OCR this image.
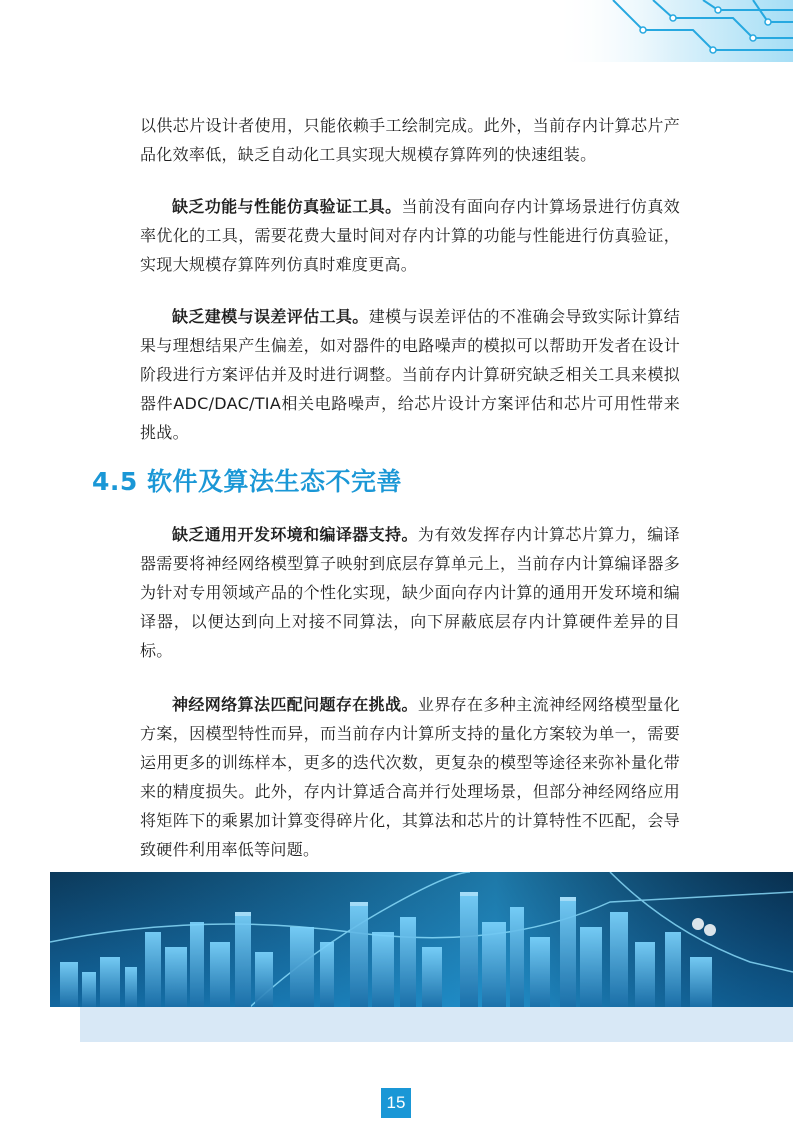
以供芯片设计者使用，只能依赖手工绘制完成。此外，当前存内计算芯片产品化效率低，缺乏自动化工具实现大规模存算阵列的快速组装。

缺乏功能与性能仿真验证工具。当前没有面向存内计算场景进行仿真效率优化的工具，需要花费大量时间对存内计算的功能与性能进行仿真验证，实现大规模存算阵列仿真时难度更高。

缺乏建模与误差评估工具。建模与误差评估的不准确会导致实际计算结果与理想结果产生偏差，如对器件的电路噪声的模拟可以帮助开发者在设计阶段进行方案评估并及时进行调整。当前存内计算研究缺乏相关工具来模拟器件ADC/DAC/TIA相关电路噪声，给芯片设计方案评估和芯片可用性带来挑战。

4.5 软件及算法生态不完善

缺乏通用开发环境和编译器支持。为有效发挥存内计算芯片算力，编译器需要将神经网络模型算子映射到底层存算单元上，当前存内计算编译器多为针对专用领域产品的个性化实现，缺少面向存内计算的通用开发环境和编译器，以便达到向上对接不同算法，向下屏蔽底层存内计算硬件差异的目标。

神经网络算法匹配问题存在挑战。业界存在多种主流神经网络模型量化方案，因模型特性而异，而当前存内计算所支持的量化方案较为单一，需要运用更多的训练样本，更多的迭代次数，更复杂的模型等途径来弥补量化带来的精度损失。此外，存内计算适合高并行处理场景，但部分神经网络应用将矩阵下的乘累加计算变得碎片化，其算法和芯片的计算特性不匹配，会导致硬件利用率低等问题。

15
